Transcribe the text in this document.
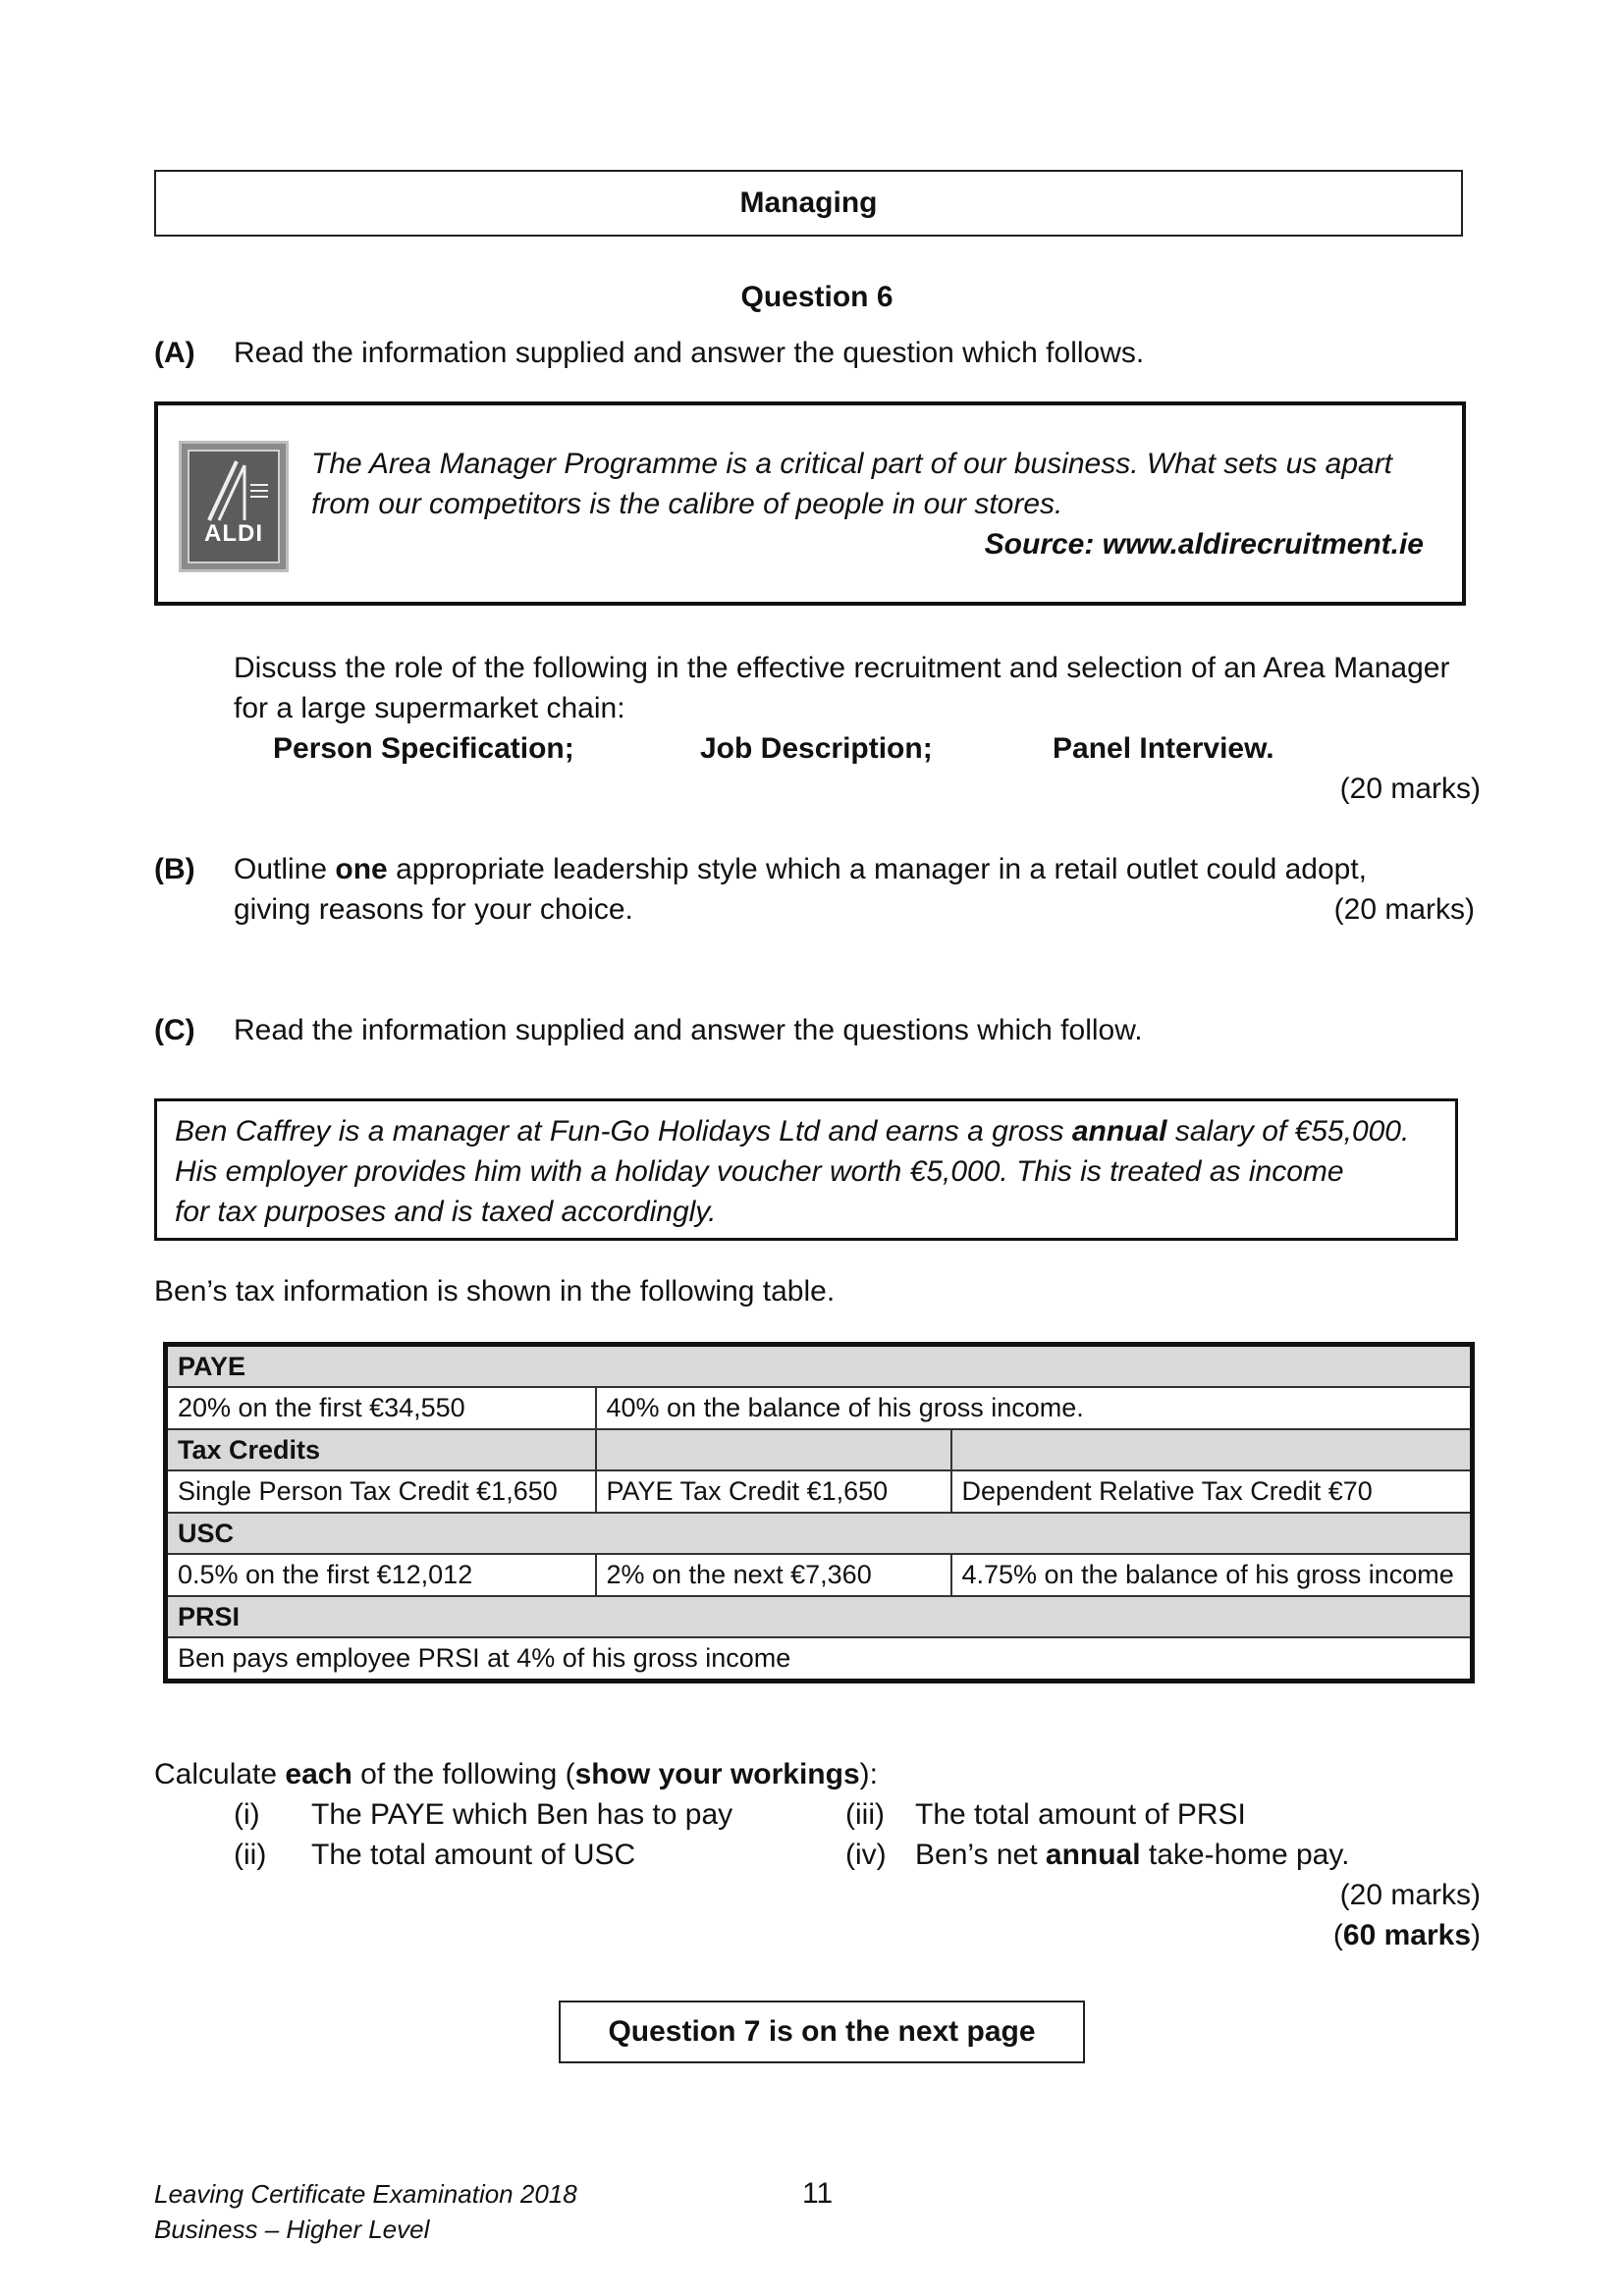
Managing
Question 6
(A) Read the information supplied and answer the question which follows.
ALDI
The Area Manager Programme is a critical part of our business. What sets us apart
from our competitors is the calibre of people in our stores.
Source: www.aldirecruitment.ie
Discuss the role of the following in the effective recruitment and selection of an Area Manager
for a large supermarket chain:
Person Specification;	Job Description;	Panel Interview.
(20 marks)
(B) Outline one appropriate leadership style which a manager in a retail outlet could adopt,
giving reasons for your choice.	(20 marks)
(C) Read the information supplied and answer the questions which follow.
Ben Caffrey is a manager at Fun-Go Holidays Ltd and earns a gross annual salary of €55,000.
His employer provides him with a holiday voucher worth €5,000. This is treated as income
for tax purposes and is taxed accordingly.
Ben’s tax information is shown in the following table.
PAYE		
20% on the first €34,550	40% on the balance of his gross income.	
Tax Credits		
Single Person Tax Credit €1,650	PAYE Tax Credit €1,650	Dependent Relative Tax Credit €70
USC		
0.5% on the first €12,012	2% on the next €7,360	4.75% on the balance of his gross income
PRSI		
Ben pays employee PRSI at 4% of his gross income		
Calculate each of the following (show your workings):
(i) The PAYE which Ben has to pay
(ii) The total amount of USC
(iii) The total amount of PRSI
(iv) Ben’s net annual take-home pay.
(20 marks)
(60 marks)
Question 7 is on the next page
Leaving Certificate Examination 2018
Business – Higher Level
11
